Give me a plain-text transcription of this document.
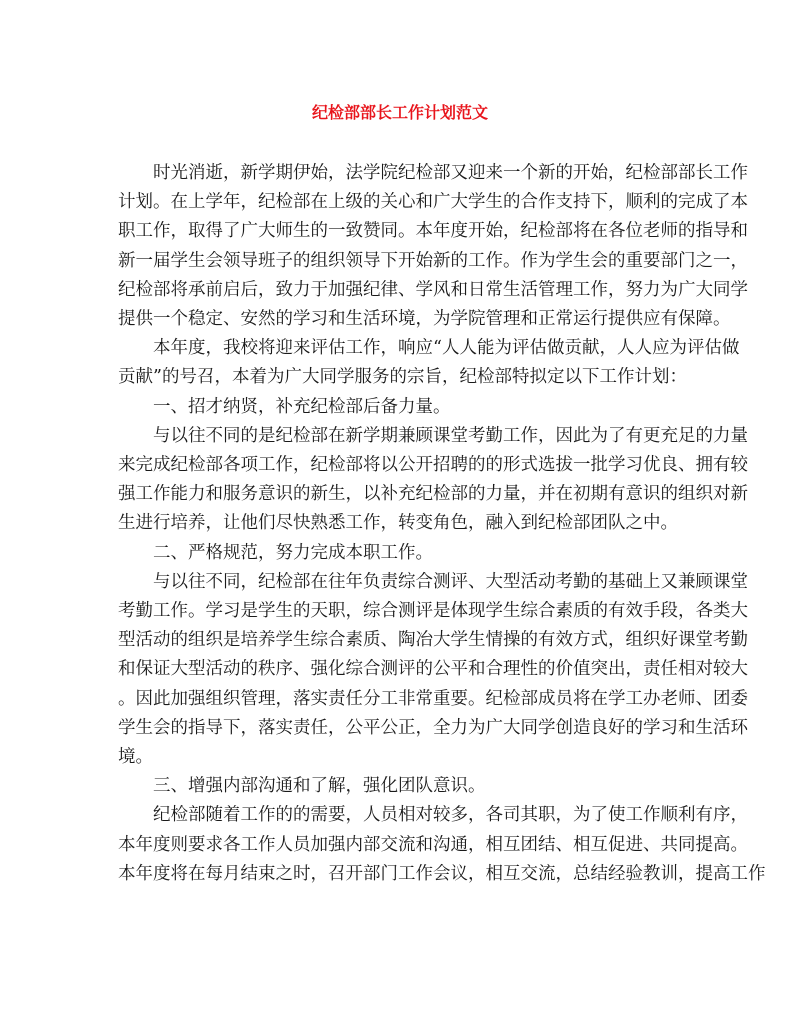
纪检部部长工作计划范文

时光消逝，新学期伊始，法学院纪检部又迎来一个新的开始，纪检部部长工作
计划。在上学年，纪检部在上级的关心和广大学生的合作支持下，顺利的完成了本
职工作，取得了广大师生的一致赞同。本年度开始，纪检部将在各位老师的指导和
新一届学生会领导班子的组织领导下开始新的工作。作为学生会的重要部门之一，
纪检部将承前启后，致力于加强纪律、学风和日常生活管理工作，努力为广大同学
提供一个稳定、安然的学习和生活环境，为学院管理和正常运行提供应有保障。

本年度，我校将迎来评估工作，响应“人人能为评估做贡献，人人应为评估做
贡献”的号召，本着为广大同学服务的宗旨，纪检部特拟定以下工作计划：

一、招才纳贤，补充纪检部后备力量。

与以往不同的是纪检部在新学期兼顾课堂考勤工作，因此为了有更充足的力量
来完成纪检部各项工作，纪检部将以公开招聘的的形式选拔一批学习优良、拥有较
强工作能力和服务意识的新生，以补充纪检部的力量，并在初期有意识的组织对新
生进行培养，让他们尽快熟悉工作，转变角色，融入到纪检部团队之中。

二、严格规范，努力完成本职工作。

与以往不同，纪检部在往年负责综合测评、大型活动考勤的基础上又兼顾课堂
考勤工作。学习是学生的天职，综合测评是体现学生综合素质的有效手段，各类大
型活动的组织是培养学生综合素质、陶冶大学生情操的有效方式，组织好课堂考勤
和保证大型活动的秩序、强化综合测评的公平和合理性的价值突出，责任相对较大
。因此加强组织管理，落实责任分工非常重要。纪检部成员将在学工办老师、团委
学生会的指导下，落实责任，公平公正，全力为广大同学创造良好的学习和生活环
境。

三、增强内部沟通和了解，强化团队意识。

纪检部随着工作的的需要，人员相对较多，各司其职，为了使工作顺利有序，
本年度则要求各工作人员加强内部交流和沟通，相互团结、相互促进、共同提高。
本年度将在每月结束之时，召开部门工作会议，相互交流，总结经验教训，提高工作
